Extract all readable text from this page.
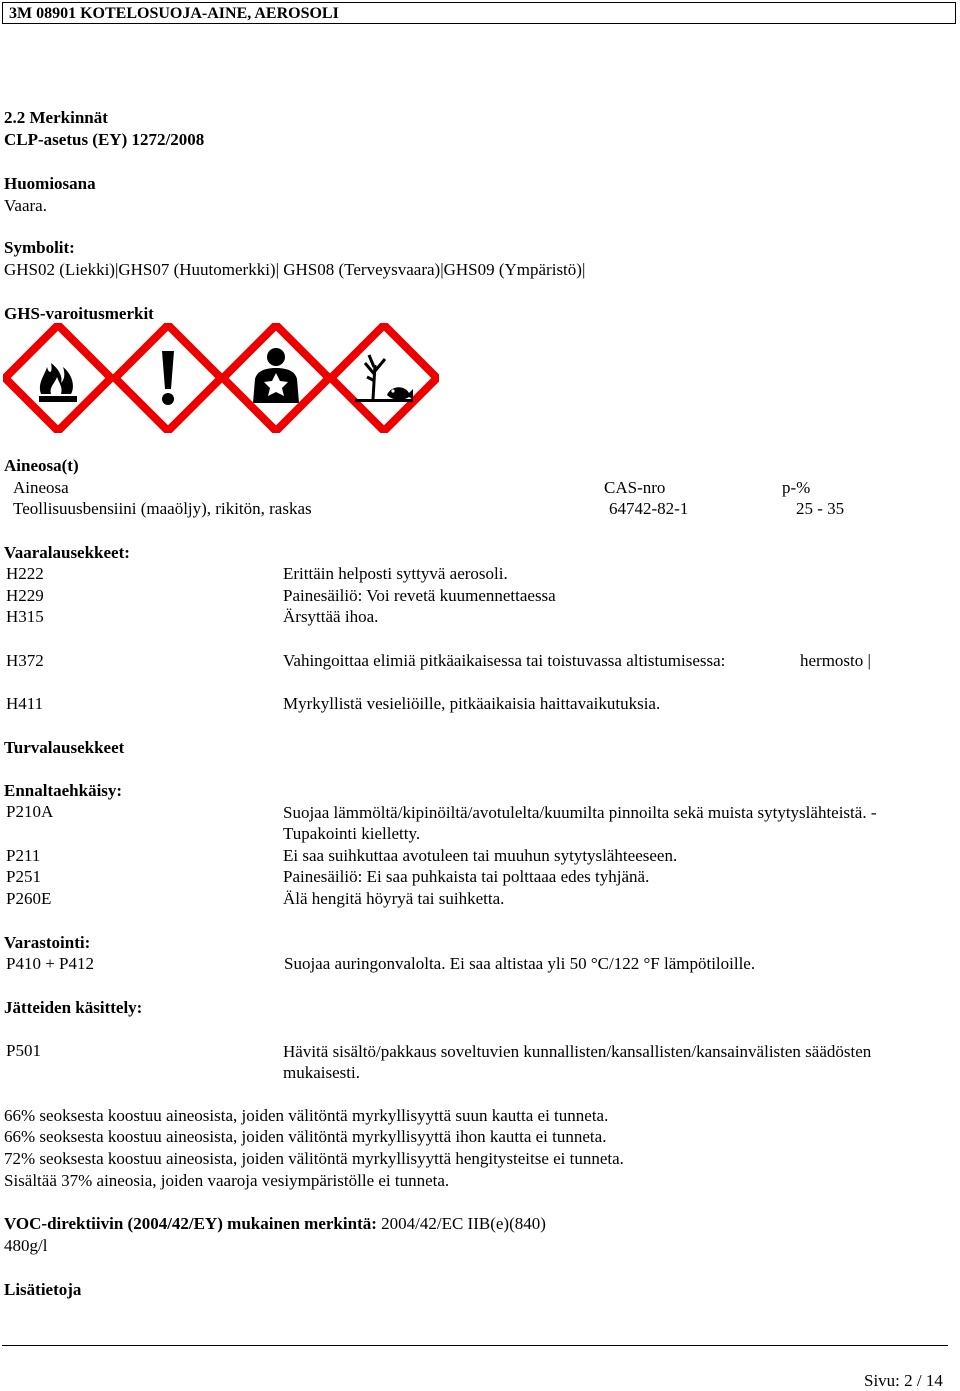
3M 08901 KOTELOSUOJA-AINE, AEROSOLI
2.2 Merkinnät
CLP-asetus (EY) 1272/2008
Huomiosana
Vaara.
Symbolit:
GHS02 (Liekki)|GHS07 (Huutomerkki)| GHS08 (Terveysvaara)|GHS09 (Ympäristö)|
GHS-varoitusmerkit
Aineosa(t)
Aineosa	CAS-nro	p-%
Teollisuusbensiini (maaöljy), rikitön, raskas	64742-82-1	25 - 35
Vaaralausekkeet:
H222	Erittäin helposti syttyvä aerosoli.
H229	Painesäiliö: Voi revetä kuumennettaessa
H315	Ärsyttää ihoa.
H372	Vahingoittaa elimiä pitkäaikaisessa tai toistuvassa altistumisessa:	hermosto |
H411	Myrkyllistä vesieliöille, pitkäaikaisia haittavaikutuksia.
Turvalausekkeet
Ennaltaehkäisy:
P210A	Suojaa lämmöltä/kipinöiltä/avotulelta/kuumilta pinnoilta sekä muista sytytyslähteistä. - Tupakointi kielletty.
P211	Ei saa suihkuttaa avotuleen tai muuhun sytytyslähteeseen.
P251	Painesäiliö: Ei saa puhkaista tai polttaaa edes tyhjänä.
P260E	Älä hengitä höyryä tai suihketta.
Varastointi:
P410 + P412	Suojaa auringonvalolta. Ei saa altistaa yli 50 °C/122 °F lämpötiloille.
Jätteiden käsittely:
P501	Hävitä sisältö/pakkaus soveltuvien kunnallisten/kansallisten/kansainvälisten säädösten mukaisesti.
66% seoksesta koostuu aineosista, joiden välitöntä myrkyllisyyttä suun kautta ei tunneta.
66% seoksesta koostuu aineosista, joiden välitöntä myrkyllisyyttä ihon kautta ei tunneta.
72% seoksesta koostuu aineosista, joiden välitöntä myrkyllisyyttä hengitysteitse ei tunneta.
Sisältää 37% aineosia, joiden vaaroja vesiympäristölle ei tunneta.
VOC-direktiivin (2004/42/EY) mukainen merkintä: 2004/42/EC IIB(e)(840)
480g/l
Lisätietoja
Sivu: 2 / 14
